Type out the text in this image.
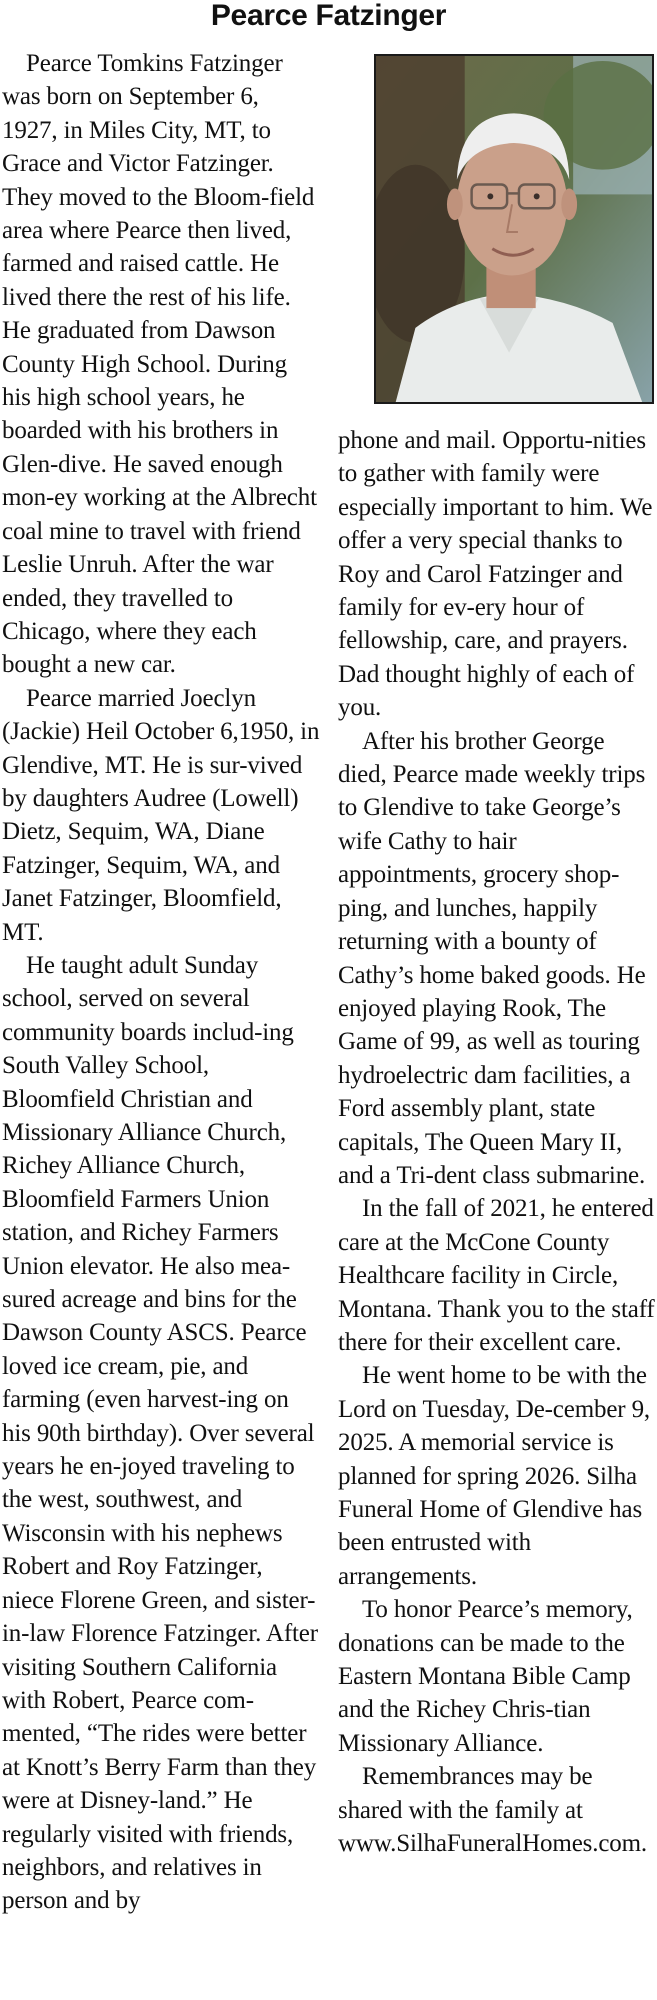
Pearce Fatzinger

Pearce Tomkins Fatzinger was born on September 6, 1927, in Miles City, MT, to Grace and Victor Fatzinger. They moved to the Bloom-field area where Pearce then lived, farmed and raised cattle. He lived there the rest of his life. He graduated from Dawson County High School. During his high school years, he boarded with his brothers in Glen-dive. He saved enough mon-ey working at the Albrecht coal mine to travel with friend Leslie Unruh. After the war ended, they travelled to Chicago, where they each bought a new car.

Pearce married Joeclyn (Jackie) Heil October 6,1950, in Glendive, MT. He is sur-vived by daughters Audree (Lowell) Dietz, Sequim, WA, Diane Fatzinger, Sequim, WA, and Janet Fatzinger, Bloomfield, MT.

He taught adult Sunday school, served on several community boards includ-ing South Valley School, Bloomfield Christian and Missionary Alliance Church, Richey Alliance Church, Bloomfield Farmers Union station, and Richey Farmers Union elevator. He also mea-sured acreage and bins for the Dawson County ASCS. Pearce loved ice cream, pie, and farming (even harvest-ing on his 90th birthday). Over several years he en-joyed traveling to the west, southwest, and Wisconsin with his nephews Robert and Roy Fatzinger, niece Florene Green, and sister-in-law Florence Fatzinger. After visiting Southern California with Robert, Pearce com-mented, “The rides were better at Knott’s Berry Farm than they were at Disney-land.” He regularly visited with friends, neighbors, and relatives in person and by

phone and mail. Opportu-nities to gather with family were especially important to him. We offer a very special thanks to Roy and Carol Fatzinger and family for ev-ery hour of fellowship, care, and prayers. Dad thought highly of each of you.

After his brother George died, Pearce made weekly trips to Glendive to take George’s wife Cathy to hair appointments, grocery shop-ping, and lunches, happily returning with a bounty of Cathy’s home baked goods. He enjoyed playing Rook, The Game of 99, as well as touring hydroelectric dam facilities, a Ford assembly plant, state capitals, The Queen Mary II, and a Tri-dent class submarine.

In the fall of 2021, he entered care at the McCone County Healthcare facility in Circle, Montana. Thank you to the staff there for their excellent care.

He went home to be with the Lord on Tuesday, De-cember 9, 2025. A memorial service is planned for spring 2026. Silha Funeral Home of Glendive has been entrusted with arrangements.

To honor Pearce’s memory, donations can be made to the Eastern Montana Bible Camp and the Richey Chris-tian Missionary Alliance.

Remembrances may be shared with the family at www.SilhaFuneralHomes.com.
